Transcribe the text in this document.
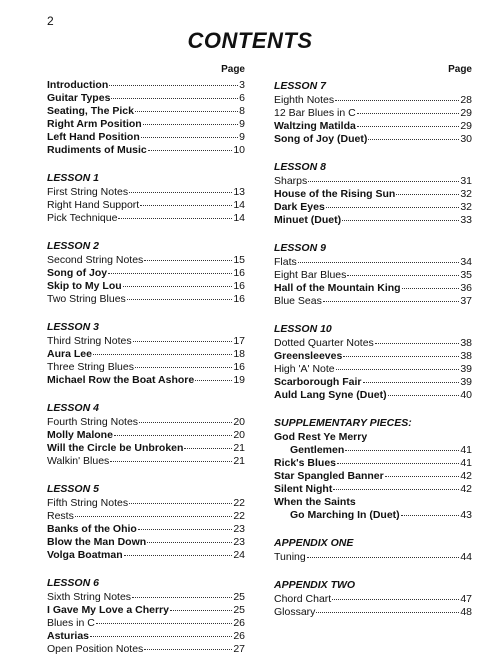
2
CONTENTS
Page
Introduction	3
Guitar Types	6
Seating, The Pick	8
Right Arm Position	9
Left Hand Position	9
Rudiments of Music	10
LESSON 1
First String Notes	13
Right Hand Support	14
Pick Technique	14
LESSON 2
Second String Notes	15
Song of Joy	16
Skip to My Lou	16
Two String Blues	16
LESSON 3
Third String Notes	17
Aura Lee	18
Three String Blues	16
Michael Row the Boat Ashore	19
LESSON 4
Fourth String Notes	20
Molly Malone	20
Will the Circle be Unbroken	21
Walkin' Blues	21
LESSON 5
Fifth String Notes	22
Rests	22
Banks of the Ohio	23
Blow the Man Down	23
Volga Boatman	24
LESSON 6
Sixth String Notes	25
I Gave My Love a Cherry	25
Blues in C	26
Asturias	26
Open Position Notes	27
Page
LESSON 7
Eighth Notes	28
12 Bar Blues in C	29
Waltzing Matilda	29
Song of Joy (Duet)	30
LESSON 8
Sharps	31
House of the Rising Sun	32
Dark Eyes	32
Minuet (Duet)	33
LESSON 9
Flats	34
Eight Bar Blues	35
Hall of the Mountain King	36
Blue Seas	37
LESSON 10
Dotted Quarter Notes	38
Greensleeves	38
High 'A' Note	39
Scarborough Fair	39
Auld Lang Syne (Duet)	40
SUPPLEMENTARY PIECES:
God Rest Ye Merry
Gentlemen	41
Rick's Blues	41
Star Spangled Banner	42
Silent Night	42
When the Saints
Go Marching In (Duet)	43
APPENDIX ONE
Tuning	44
APPENDIX TWO
Chord Chart	47
Glossary	48
